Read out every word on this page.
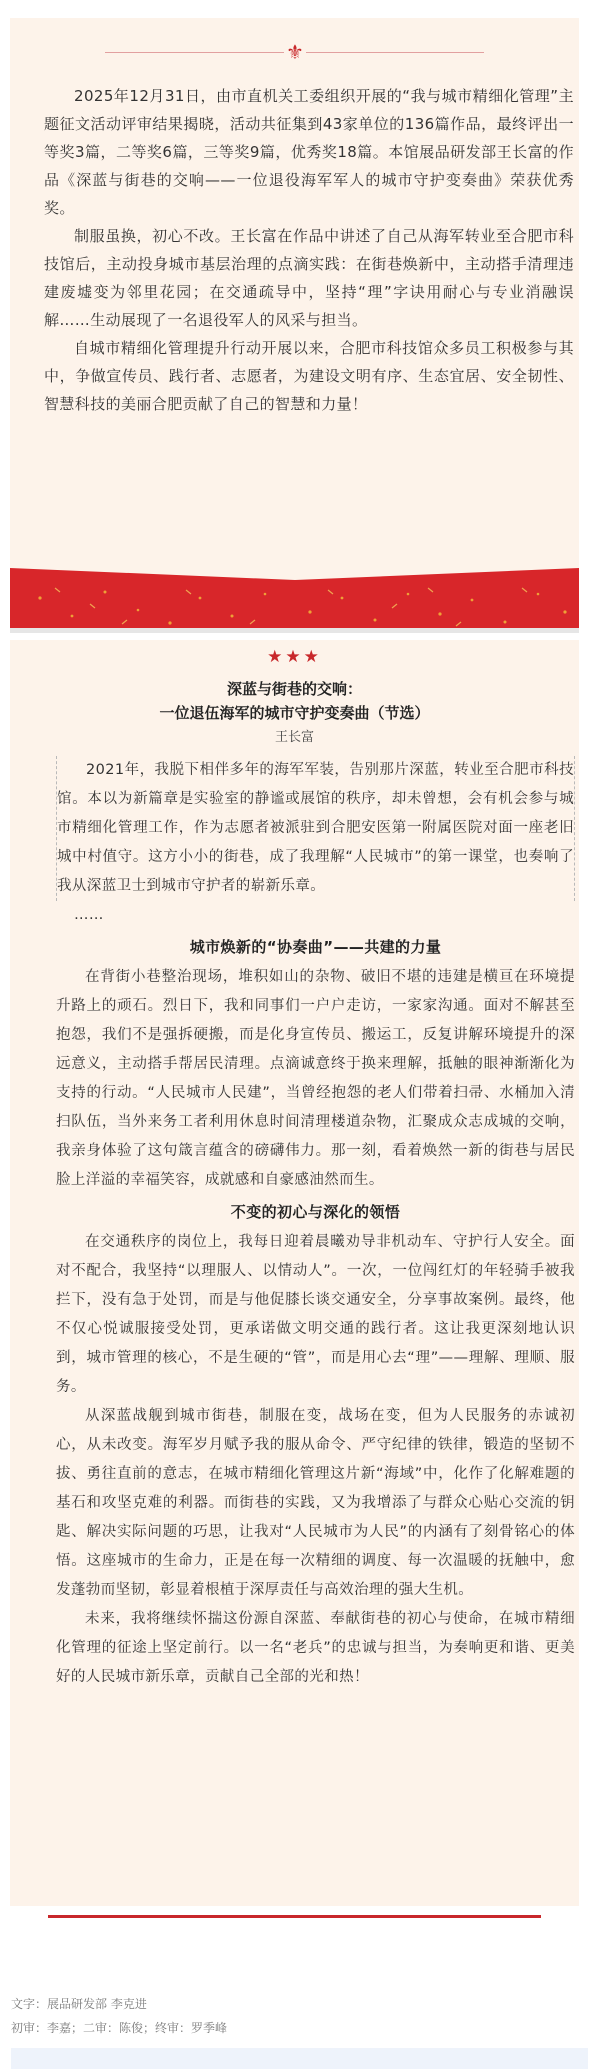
⚜

2025年12月31日，由市直机关工委组织开展的“我与城市精细化管理”主题征文活动评审结果揭晓，活动共征集到43家单位的136篇作品，最终评出一等奖3篇，二等奖6篇，三等奖9篇，优秀奖18篇。本馆展品研发部王长富的作品《深蓝与街巷的交响——一位退役海军军人的城市守护变奏曲》荣获优秀奖。

制服虽换，初心不改。王长富在作品中讲述了自己从海军转业至合肥市科技馆后，主动投身城市基层治理的点滴实践：在街巷焕新中，主动搭手清理违建废墟变为邻里花园；在交通疏导中，坚持“理”字诀用耐心与专业消融误解……生动展现了一名退役军人的风采与担当。

自城市精细化管理提升行动开展以来，合肥市科技馆众多员工积极参与其中，争做宣传员、践行者、志愿者，为建设文明有序、生态宜居、安全韧性、智慧科技的美丽合肥贡献了自己的智慧和力量！

★★★
深蓝与街巷的交响：
一位退伍海军的城市守护变奏曲（节选）
王长富

2021年，我脱下相伴多年的海军军装，告别那片深蓝，转业至合肥市科技馆。本以为新篇章是实验室的静谧或展馆的秩序，却未曾想，会有机会参与城市精细化管理工作，作为志愿者被派驻到合肥安医第一附属医院对面一座老旧城中村值守。这方小小的街巷，成了我理解“人民城市”的第一课堂，也奏响了我从深蓝卫士到城市守护者的崭新乐章。

……

城市焕新的“协奏曲”——共建的力量

在背街小巷整治现场，堆积如山的杂物、破旧不堪的违建是横亘在环境提升路上的顽石。烈日下，我和同事们一户户走访，一家家沟通。面对不解甚至抱怨，我们不是强拆硬搬，而是化身宣传员、搬运工，反复讲解环境提升的深远意义，主动搭手帮居民清理。点滴诚意终于换来理解，抵触的眼神渐渐化为支持的行动。“人民城市人民建”，当曾经抱怨的老人们带着扫帚、水桶加入清扫队伍，当外来务工者利用休息时间清理楼道杂物，汇聚成众志成城的交响，我亲身体验了这句箴言蕴含的磅礴伟力。那一刻，看着焕然一新的街巷与居民脸上洋溢的幸福笑容，成就感和自豪感油然而生。

不变的初心与深化的领悟

在交通秩序的岗位上，我每日迎着晨曦劝导非机动车、守护行人安全。面对不配合，我坚持“以理服人、以情动人”。一次，一位闯红灯的年轻骑手被我拦下，没有急于处罚，而是与他促膝长谈交通安全，分享事故案例。最终，他不仅心悦诚服接受处罚，更承诺做文明交通的践行者。这让我更深刻地认识到，城市管理的核心，不是生硬的“管”，而是用心去“理”——理解、理顺、服务。

从深蓝战舰到城市街巷，制服在变，战场在变，但为人民服务的赤诚初心，从未改变。海军岁月赋予我的服从命令、严守纪律的铁律，锻造的坚韧不拔、勇往直前的意志，在城市精细化管理这片新“海域”中，化作了化解难题的基石和攻坚克难的利器。而街巷的实践，又为我增添了与群众心贴心交流的钥匙、解决实际问题的巧思，让我对“人民城市为人民”的内涵有了刻骨铭心的体悟。这座城市的生命力，正是在每一次精细的调度、每一次温暖的抚触中，愈发蓬勃而坚韧，彰显着根植于深厚责任与高效治理的强大生机。

未来，我将继续怀揣这份源自深蓝、奉献街巷的初心与使命，在城市精细化管理的征途上坚定前行。以一名“老兵”的忠诚与担当，为奏响更和谐、更美好的人民城市新乐章，贡献自己全部的光和热！

文字：展品研发部 李克进
初审：李嘉；二审：陈俊；终审：罗季峰
